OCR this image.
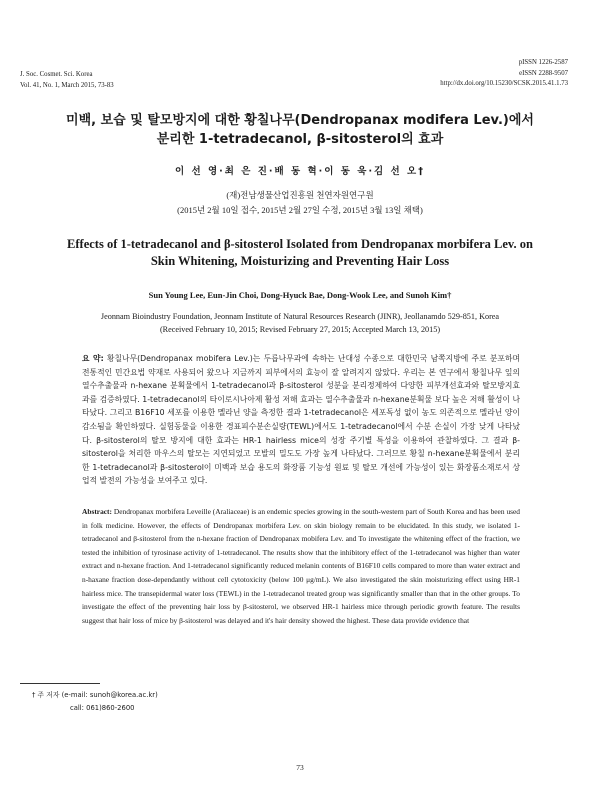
J. Soc. Cosmet. Sci. Korea
Vol. 41, No. 1, March 2015, 73-83
pISSN 1226-2587
eISSN 2288-9507
http://dx.doi.org/10.15230/SCSK.2015.41.1.73
미백, 보습 및 탈모방지에 대한 황칠나무(Dendropanax modifera Lev.)에서
분리한 1-tetradecanol, β-sitosterol의 효과
이 선 영·최 은 진·배 동 혁·이 동 욱·김 선 오†
(재)전남생물산업진흥원 천연자원연구원
(2015년 2월 10일 접수, 2015년 2월 27일 수정, 2015년 3월 13일 채택)
Effects of 1-tetradecanol and β-sitosterol Isolated from Dendropanax morbifera Lev. on
Skin Whitening, Moisturizing and Preventing Hair Loss
Sun Young Lee, Eun-Jin Choi, Dong-Hyuck Bae, Dong-Wook Lee, and Sunoh Kim†
Jeonnam Bioindustry Foundation, Jeonnam Institute of Natural Resources Research (JINR), Jeollanamdo 529-851, Korea
(Received February 10, 2015; Revised February 27, 2015; Accepted March 13, 2015)
요 약: 황칠나무(Dendropanax mobifera Lev.)는 두릅나무과에 속하는 난대성 수종으로 대한민국 남쪽지방에 주로 분포하며 전통적인 민간요법 약재로 사용되어 왔으나 지금까지 피부에서의 효능이 잘 알려지지 않았다. 우리는 본 연구에서 황칠나무 잎의 열수추출물과 n-hexane 분획물에서 1-tetradecanol과 β-sitosterol 성분을 분리정제하여 다양한 피부개선효과와 탈모방지효과를 검증하였다. 1-tetradecanol의 타이로시나아제 활성 저해 효과는 열수추출물과 n-hexane분획물 보다 높은 저해 활성이 나타났다. 그리고 B16F10 세포를 이용한 멜라닌 양을 측정한 결과 1-tetradecanol은 세포독성 없이 농도 의존적으로 멜라닌 양이 감소됨을 확인하였다. 실험동물을 이용한 경표피수분손실량(TEWL)에서도 1-tetradecanol에서 수분 손실이 가장 낮게 나타났다. β-sitosterol의 탈모 방지에 대한 효과는 HR-1 hairless mice의 성장 주기별 특성을 이용하여 관찰하였다. 그 결과 β-sitosterol을 처리한 마우스의 탈모는 지연되었고 모발의 밀도도 가장 높게 나타났다. 그러므로 황칠 n-hexane분획물에서 분리한 1-tetradecanol과 β-sitosterol이 미백과 보습 용도의 화장품 기능성 원료 및 탈모 개선에 가능성이 있는 화장품소재로서 상업적 발전의 가능성을 보여주고 있다.
Abstract: Dendropanax morbifera Leveille (Araliaceae) is an endemic species growing in the south-western part of South Korea and has been used in folk medicine. However, the effects of Dendropanax morbifera Lev. on skin biology remain to be elucidated. In this study, we isolated 1-tetradecanol and β-sitosterol from the n-hexane fraction of Dendropanax mobifera Lev. and To investigate the whitening effect of the fraction, we tested the inhibition of tyrosinase activity of 1-tetradecanol. The results show that the inhibitory effect of the 1-tetradecanol was higher than water extract and n-hexane fraction. And 1-tetradecanol significantly reduced melanin contents of B16F10 cells compared to more than water extract and n-haxane fraction dose-dependantly without cell cytotoxicity (below 100 μg/mL). We also investigated the skin moisturizing effect using HR-1 hairless mice. The transepidermal water loss (TEWL) in the 1-tetradecanol treated group was significantly smaller than that in the other groups. To investigate the effect of the preventing hair loss by β-sitosterol, we observed HR-1 hairless mice through periodic growth feature. The results suggest that hair loss of mice by β-sitosterol was delayed and it's hair density showed the highest. These data provide evidence that
† 주 저자 (e-mail: sunoh@korea.ac.kr)
call: 061)860-2600
73
